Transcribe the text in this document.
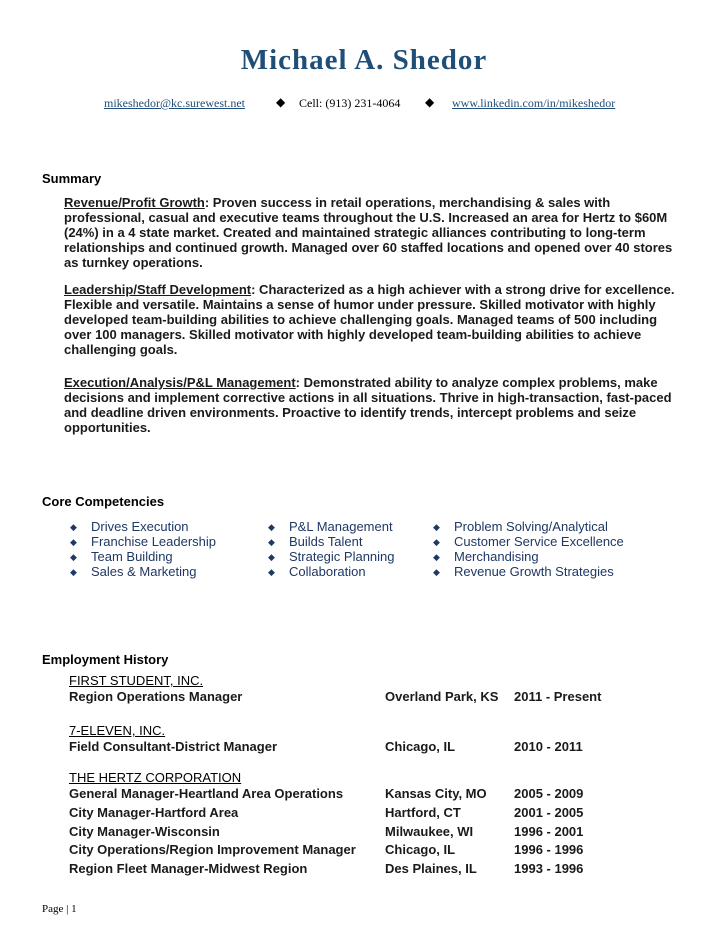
Michael A. Shedor
mikeshedor@kc.surewest.net	◆ Cell: (913) 231-4064 ◆ www.linkedin.com/in/mikeshedor
Summary
Revenue/Profit Growth: Proven success in retail operations, merchandising & sales with
professional, casual and executive teams throughout the U.S. Increased an area for Hertz to $60M
(24%) in a 4 state market. Created and maintained strategic alliances contributing to long-term
relationships and continued growth. Managed over 60 staffed locations and opened over 40 stores
as turnkey operations.
Leadership/Staff Development: Characterized as a high achiever with a strong drive for excellence.
Flexible and versatile. Maintains a sense of humor under pressure. Skilled motivator with highly
developed team-building abilities to achieve challenging goals. Managed teams of 500 including
over 100 managers. Skilled motivator with highly developed team-building abilities to achieve
challenging goals.
Execution/Analysis/P&L Management: Demonstrated ability to analyze complex problems, make
decisions and implement corrective actions in all situations. Thrive in high-transaction, fast-paced
and deadline driven environments. Proactive to identify trends, intercept problems and seize
opportunities.
Core Competencies
◆ Drives Execution
◆ Franchise Leadership
◆ Team Building
◆ Sales & Marketing
◆ P&L Management
◆ Builds Talent
◆ Strategic Planning
◆ Collaboration
◆ Problem Solving/Analytical
◆ Customer Service Excellence
◆ Merchandising
◆ Revenue Growth Strategies
Employment History
FIRST STUDENT, INC.
Region Operations Manager	Overland Park, KS 2011 - Present
7-ELEVEN, INC.
Field Consultant-District Manager	Chicago, IL	2010 - 2011
THE HERTZ CORPORATION
General Manager-Heartland Area Operations	Kansas City, MO 2005 - 2009
City Manager-Hartford Area	Hartford, CT	2001 - 2005
City Manager-Wisconsin	Milwaukee, WI	1996 - 2001
City Operations/Region Improvement Manager Chicago, IL	1996 - 1996
Region Fleet Manager-Midwest Region	Des Plaines, IL	1993 - 1996
Page | 1
